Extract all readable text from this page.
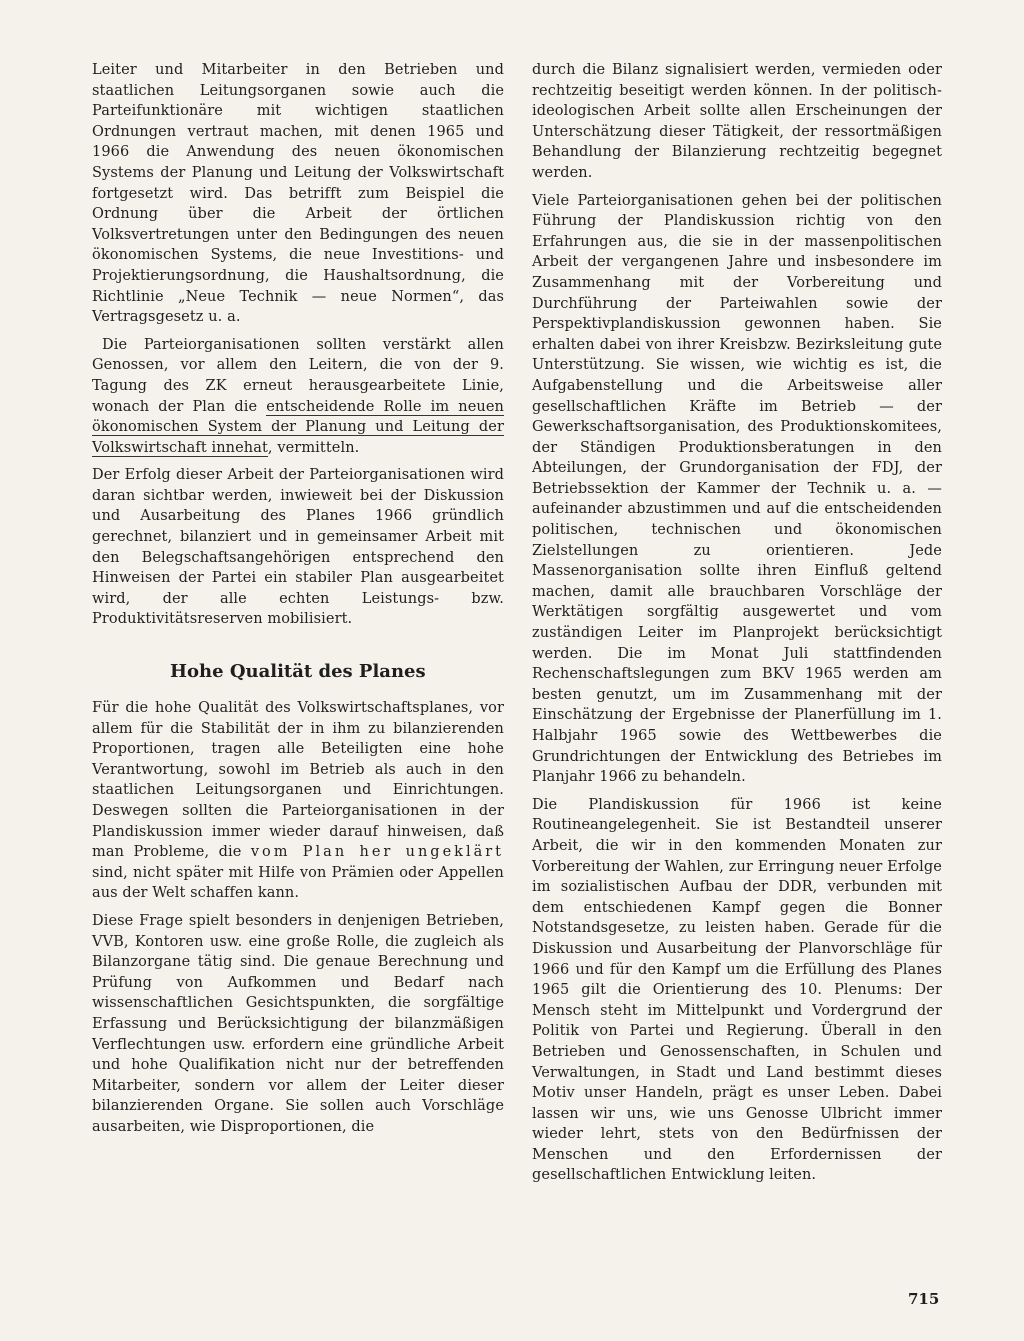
Leiter und Mitarbeiter in den Betrieben und staatlichen Leitungsorganen sowie auch die Parteifunktionäre mit wichtigen staatlichen Ordnungen vertraut machen, mit denen 1965 und 1966 die Anwendung des neuen ökonomischen Systems der Planung und Leitung der Volkswirtschaft fortgesetzt wird. Das betrifft zum Beispiel die Ordnung über die Arbeit der örtlichen Volksvertretungen unter den Bedingungen des neuen ökonomischen Systems, die neue Investitions- und Projektierungsordnung, die Haushaltsordnung, die Richtlinie „Neue Technik — neue Normen“, das Vertragsgesetz u. a.

Die Parteiorganisationen sollten verstärkt allen Genossen, vor allem den Leitern, die von der 9. Tagung des ZK erneut herausgearbeitete Linie, wonach der Plan die entscheidende Rolle im neuen ökonomischen System der Planung und Leitung der Volkswirtschaft innehat, vermitteln.

Der Erfolg dieser Arbeit der Parteiorganisationen wird daran sichtbar werden, inwieweit bei der Diskussion und Ausarbeitung des Planes 1966 gründlich gerechnet, bilanziert und in gemeinsamer Arbeit mit den Belegschaftsangehörigen entsprechend den Hinweisen der Partei ein stabiler Plan ausgearbeitet wird, der alle echten Leistungs- bzw. Produktivitätsreserven mobilisiert.

Hohe Qualität des Planes

Für die hohe Qualität des Volkswirtschaftsplanes, vor allem für die Stabilität der in ihm zu bilanzierenden Proportionen, tragen alle Beteiligten eine hohe Verantwortung, sowohl im Betrieb als auch in den staatlichen Leitungsorganen und Einrichtungen. Deswegen sollten die Parteiorganisationen in der Plandiskussion immer wieder darauf hinweisen, daß man Probleme, die vom Plan her ungeklärt sind, nicht später mit Hilfe von Prämien oder Appellen aus der Welt schaffen kann.

Diese Frage spielt besonders in denjenigen Betrieben, VVB, Kontoren usw. eine große Rolle, die zugleich als Bilanzorgane tätig sind. Die genaue Berechnung und Prüfung von Aufkommen und Bedarf nach wissenschaftlichen Gesichtspunkten, die sorgfältige Erfassung und Berücksichtigung der bilanzmäßigen Verflechtungen usw. erfordern eine gründliche Arbeit und hohe Qualifikation nicht nur der betreffenden Mitarbeiter, sondern vor allem der Leiter dieser bilanzierenden Organe. Sie sollen auch Vorschläge ausarbeiten, wie Disproportionen, die

durch die Bilanz signalisiert werden, vermieden oder rechtzeitig beseitigt werden können. In der politisch-ideologischen Arbeit sollte allen Erscheinungen der Unterschätzung dieser Tätigkeit, der ressortmäßigen Behandlung der Bilanzierung rechtzeitig begegnet werden.

Viele Parteiorganisationen gehen bei der politischen Führung der Plandiskussion richtig von den Erfahrungen aus, die sie in der massenpolitischen Arbeit der vergangenen Jahre und insbesondere im Zusammenhang mit der Vorbereitung und Durchführung der Parteiwahlen sowie der Perspektivplandiskussion gewonnen haben. Sie erhalten dabei von ihrer Kreisbzw. Bezirksleitung gute Unterstützung. Sie wissen, wie wichtig es ist, die Aufgabenstellung und die Arbeitsweise aller gesellschaftlichen Kräfte im Betrieb — der Gewerkschaftsorganisation, des Produktionskomitees, der Ständigen Produktionsberatungen in den Abteilungen, der Grundorganisation der FDJ, der Betriebssektion der Kammer der Technik u. a. — aufeinander abzustimmen und auf die entscheidenden politischen, technischen und ökonomischen Zielstellungen zu orientieren. Jede Massenorganisation sollte ihren Einfluß geltend machen, damit alle brauchbaren Vorschläge der Werktätigen sorgfältig ausgewertet und vom zuständigen Leiter im Planprojekt berücksichtigt werden. Die im Monat Juli stattfindenden Rechenschaftslegungen zum BKV 1965 werden am besten genutzt, um im Zusammenhang mit der Einschätzung der Ergebnisse der Planerfüllung im 1. Halbjahr 1965 sowie des Wettbewerbes die Grundrichtungen der Entwicklung des Betriebes im Planjahr 1966 zu behandeln.

Die Plandiskussion für 1966 ist keine Routineangelegenheit. Sie ist Bestandteil unserer Arbeit, die wir in den kommenden Monaten zur Vorbereitung der Wahlen, zur Erringung neuer Erfolge im sozialistischen Aufbau der DDR, verbunden mit dem entschiedenen Kampf gegen die Bonner Notstandsgesetze, zu leisten haben. Gerade für die Diskussion und Ausarbeitung der Planvorschläge für 1966 und für den Kampf um die Erfüllung des Planes 1965 gilt die Orientierung des 10. Plenums: Der Mensch steht im Mittelpunkt und Vordergrund der Politik von Partei und Regierung. Überall in den Betrieben und Genossenschaften, in Schulen und Verwaltungen, in Stadt und Land bestimmt dieses Motiv unser Handeln, prägt es unser Leben. Dabei lassen wir uns, wie uns Genosse Ulbricht immer wieder lehrt, stets von den Bedürfnissen der Menschen und den Erfordernissen der gesellschaftlichen Entwicklung leiten.

715
